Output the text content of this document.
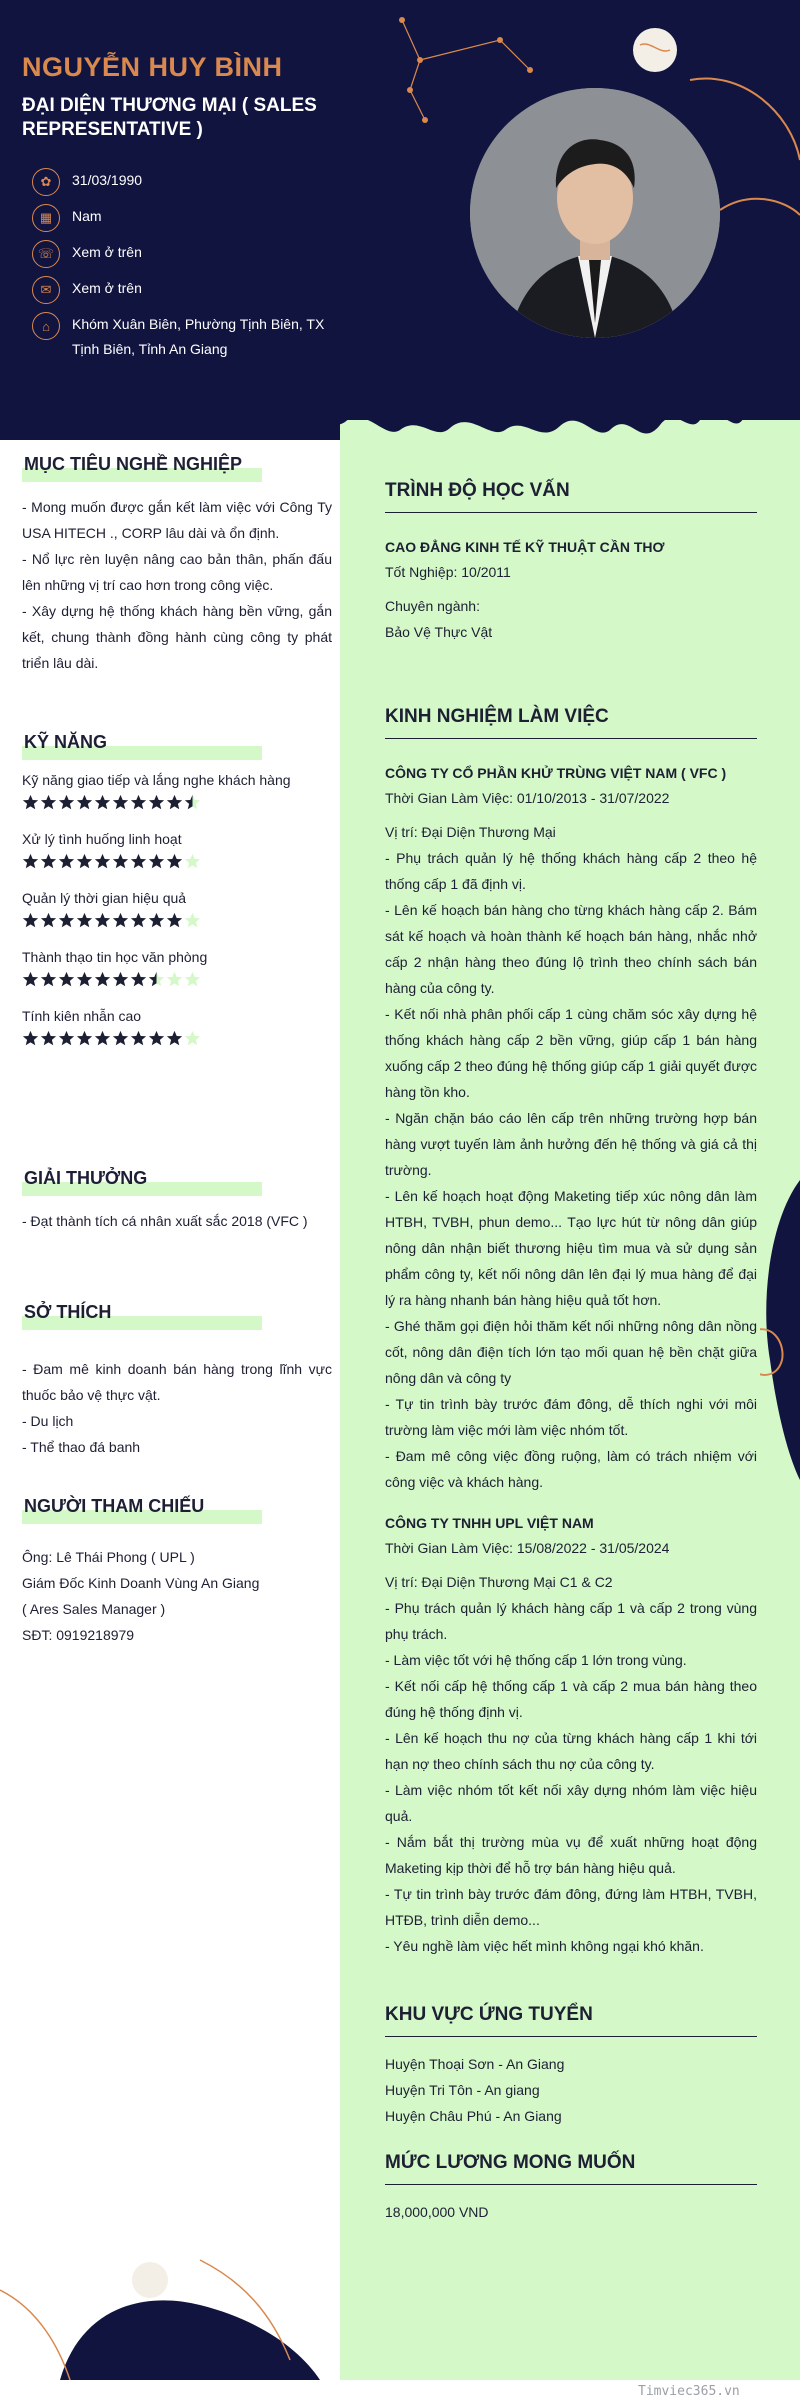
NGUYỄN HUY BÌNH
ĐẠI DIỆN THƯƠNG MẠI ( SALES REPRESENTATIVE )
✿	31/03/1990
▦	Nam
☏	Xem ở trên
✉	Xem ở trên
⌂	Khóm Xuân Biên, Phường Tịnh Biên, TX Tịnh Biên, Tỉnh An Giang
MỤC TIÊU NGHỀ NGHIỆP
- Mong muốn được gắn kết làm việc với Công Ty USA HITECH ., CORP lâu dài và ổn định.
- Nổ lực rèn luyện nâng cao bản thân, phấn đấu lên những vị trí cao hơn trong công việc.
- Xây dựng hệ thống khách hàng bền vững, gắn kết, chung thành đồng hành cùng công ty phát triển lâu dài.
KỸ NĂNG
Kỹ năng giao tiếp và lắng nghe khách hàng
Xử lý tình huống linh hoạt
Quản lý thời gian hiệu quả
Thành thạo tin học văn phòng
Tính kiên nhẫn cao
GIẢI THƯỞNG
- Đạt thành tích cá nhân xuất sắc 2018 (VFC )
SỞ THÍCH
- Đam mê kinh doanh bán hàng trong lĩnh vực thuốc bảo vệ thực vật.
- Du lịch
- Thể thao đá banh
NGƯỜI THAM CHIẾU
Ông: Lê Thái Phong ( UPL )
Giám Đốc Kinh Doanh Vùng An Giang
( Ares Sales Manager )
SĐT: 0919218979
TRÌNH ĐỘ HỌC VẤN
CAO ĐẲNG KINH TẾ KỸ THUẬT CẦN THƠ
Tốt Nghiệp: 10/2011
Chuyên ngành:
Bảo Vệ Thực Vật
KINH NGHIỆM LÀM VIỆC
CÔNG TY CỔ PHẦN KHỬ TRÙNG VIỆT NAM ( VFC )
Thời Gian Làm Việc: 01/10/2013 - 31/07/2022
Vị trí: Đại Diện Thương Mại
- Phụ trách quản lý hệ thống khách hàng cấp 2 theo hệ thống cấp 1 đã định vị.
- Lên kế hoạch bán hàng cho từng khách hàng cấp 2. Bám sát kế hoạch và hoàn thành kế hoạch bán hàng, nhắc nhở cấp 2 nhận hàng theo đúng lộ trình theo chính sách bán hàng của công ty.
- Kết nối nhà phân phối cấp 1 cùng chăm sóc xây dựng hệ thống khách hàng cấp 2 bền vững, giúp cấp 1 bán hàng xuống cấp 2 theo đúng hệ thống giúp cấp 1 giải quyết được hàng tồn kho.
- Ngăn chặn báo cáo lên cấp trên những trường hợp bán hàng vượt tuyến làm ảnh hưởng đến hệ thống và giá cả thị trường.
- Lên kế hoạch hoạt động Maketing tiếp xúc nông dân làm HTBH, TVBH, phun demo... Tạo lực hút từ nông dân giúp nông dân nhận biết thương hiệu tìm mua và sử dụng sản phẩm công ty, kết nối nông dân lên đại lý mua hàng để đại lý ra hàng nhanh bán hàng hiệu quả tốt hơn.
- Ghé thăm gọi điện hỏi thăm kết nối những nông dân nồng cốt, nông dân điện tích lớn tạo mối quan hệ bền chặt giữa nông dân và công ty
- Tự tin trình bày trước đám đông, dễ thích nghi với môi trường làm việc mới làm việc nhóm tốt.
- Đam mê công việc đồng ruộng, làm có trách nhiệm với công việc và khách hàng.
CÔNG TY TNHH UPL VIỆT NAM
Thời Gian Làm Việc: 15/08/2022 - 31/05/2024
Vị trí: Đại Diện Thương Mại C1 & C2
- Phụ trách quản lý khách hàng cấp 1 và cấp 2 trong vùng phụ trách.
- Làm việc tốt với hệ thống cấp 1 lớn trong vùng.
- Kết nối cấp hệ thống cấp 1 và cấp 2 mua bán hàng theo đúng hệ thống định vị.
- Lên kế hoạch thu nợ của từng khách hàng cấp 1 khi tới hạn nợ theo chính sách thu nợ của công ty.
- Làm việc nhóm tốt kết nối xây dựng nhóm làm việc hiệu quả.
- Nắm bắt thị trường mùa vụ để xuất những hoạt động Maketing kịp thời để hỗ trợ bán hàng hiệu quả.
- Tự tin trình bày trước đám đông, đứng làm HTBH, TVBH, HTĐB, trình diễn demo...
- Yêu nghề làm việc hết mình không ngại khó khăn.
KHU VỰC ỨNG TUYỂN
Huyện Thoại Sơn - An Giang
Huyện Tri Tôn - An giang
Huyện Châu Phú - An Giang
MỨC LƯƠNG MONG MUỐN
18,000,000 VND
Timviec365.vn
